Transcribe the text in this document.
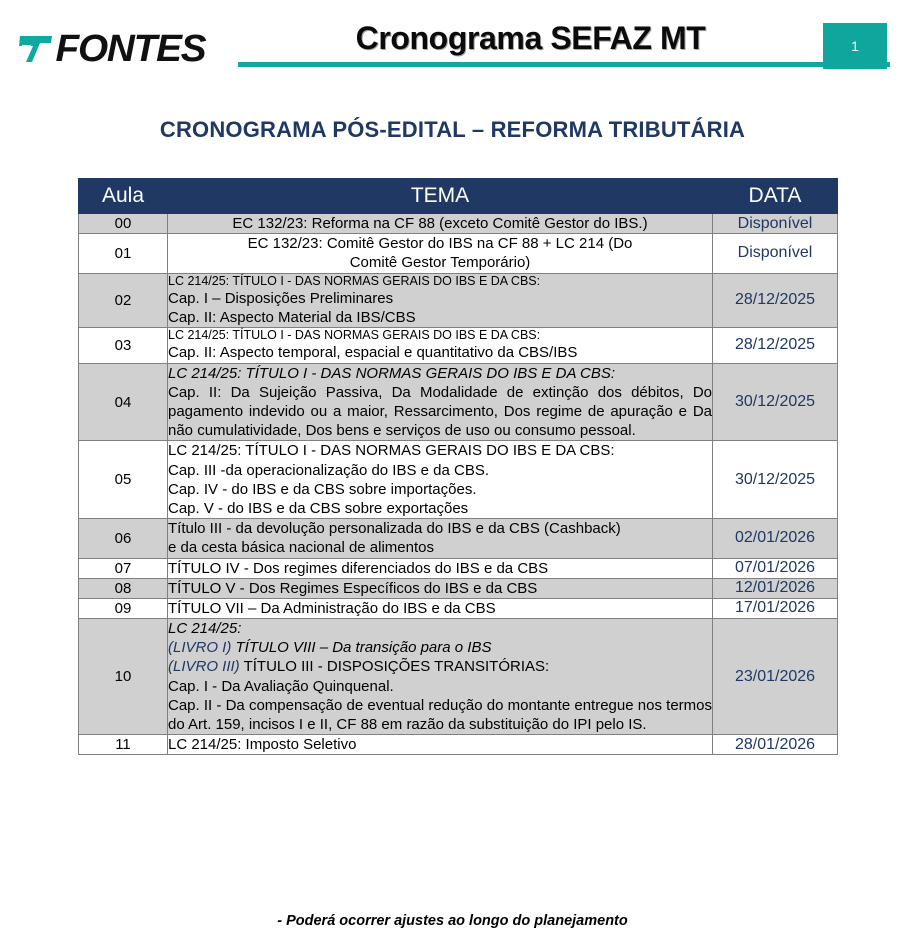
FONTES	Cronograma SEFAZ MT	1
CRONOGRAMA PÓS-EDITAL – REFORMA TRIBUTÁRIA
Aula	TEMA	DATA
00	EC 132/23: Reforma na CF 88 (exceto Comitê Gestor do IBS.)	Disponível
01	EC 132/23: Comitê Gestor do IBS na CF 88 + LC 214 (Do
Comitê Gestor Temporário)	Disponível
02	LC 214/25: TÍTULO I - DAS NORMAS GERAIS DO IBS E DA CBS:
Cap. I – Disposições Preliminares
Cap. II: Aspecto Material da IBS/CBS	28/12/2025
03	LC 214/25: TÍTULO I - DAS NORMAS GERAIS DO IBS E DA CBS:
Cap. II: Aspecto temporal, espacial e quantitativo da CBS/IBS	28/12/2025
04	LC 214/25: TÍTULO I - DAS NORMAS GERAIS DO IBS E DA CBS:
Cap. II: Da Sujeição Passiva, Da Modalidade de extinção dos débitos, Do pagamento indevido ou a maior, Ressarcimento, Dos regime de apuração e Da não cumulatividade, Dos bens e serviços de uso ou consumo pessoal.	30/12/2025
05	LC 214/25: TÍTULO I - DAS NORMAS GERAIS DO IBS E DA CBS:
Cap. III -da operacionalização do IBS e da CBS.
Cap. IV - do IBS e da CBS sobre importações.
Cap. V - do IBS e da CBS sobre exportações	30/12/2025
06	Título III - da devolução personalizada do IBS e da CBS (Cashback)
e da cesta básica nacional de alimentos	02/01/2026
07	TÍTULO IV - Dos regimes diferenciados do IBS e da CBS	07/01/2026
08	TÍTULO V - Dos Regimes Específicos do IBS e da CBS	12/01/2026
09	TÍTULO VII – Da Administração do IBS e da CBS	17/01/2026
10	LC 214/25:
(LIVRO I) TÍTULO VIII – Da transição para o IBS
(LIVRO III) TÍTULO III - DISPOSIÇÕES TRANSITÓRIAS:
Cap. I - Da Avaliação Quinquenal.
Cap. II - Da compensação de eventual redução do montante entregue nos termos do Art. 159, incisos I e II, CF 88 em razão da substituição do IPI pelo IS.	23/01/2026
11	LC 214/25: Imposto Seletivo	28/01/2026
- Poderá ocorrer ajustes ao longo do planejamento
